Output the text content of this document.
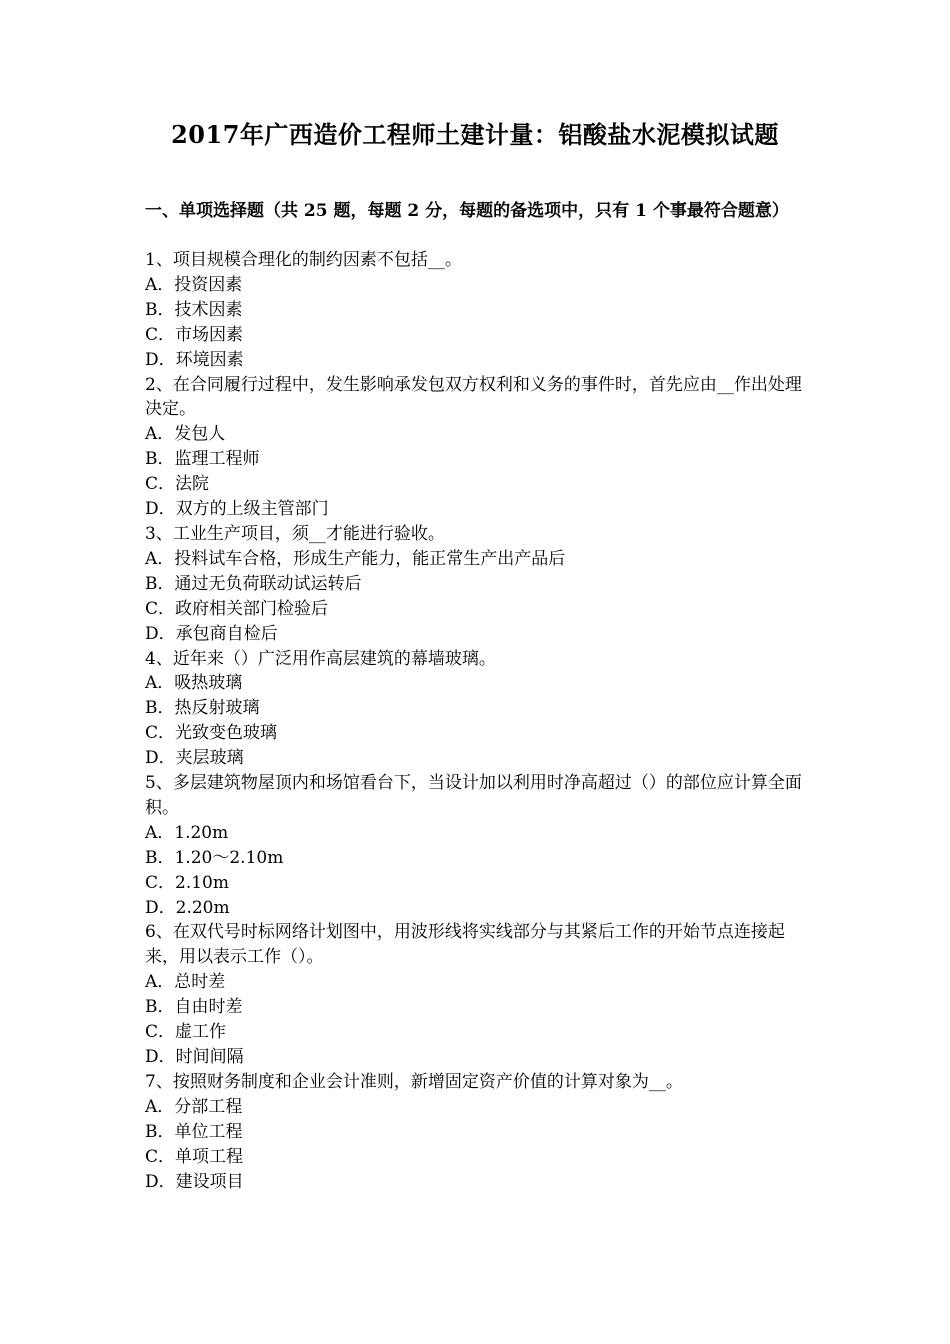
2017年广西造价工程师土建计量：铝酸盐水泥模拟试题
一、单项选择题（共 25 题，每题 2 分，每题的备选项中，只有 1 个事最符合题意）
1、项目规模合理化的制约因素不包括__。
A．投资因素
B．技术因素
C．市场因素
D．环境因素
2、在合同履行过程中，发生影响承发包双方权利和义务的事件时，首先应由__作出处理决定。
A．发包人
B．监理工程师
C．法院
D．双方的上级主管部门
3、工业生产项目，须__才能进行验收。
A．投料试车合格，形成生产能力，能正常生产出产品后
B．通过无负荷联动试运转后
C．政府相关部门检验后
D．承包商自检后
4、近年来（）广泛用作高层建筑的幕墙玻璃。
A．吸热玻璃
B．热反射玻璃
C．光致变色玻璃
D．夹层玻璃
5、多层建筑物屋顶内和场馆看台下，当设计加以利用时净高超过（）的部位应计算全面积。
A．1.20m
B．1.20～2.10m
C．2.10m
D．2.20m
6、在双代号时标网络计划图中，用波形线将实线部分与其紧后工作的开始节点连接起来，用以表示工作（）。
A．总时差
B．自由时差
C．虚工作
D．时间间隔
7、按照财务制度和企业会计准则，新增固定资产价值的计算对象为__。
A．分部工程
B．单位工程
C．单项工程
D．建设项目
